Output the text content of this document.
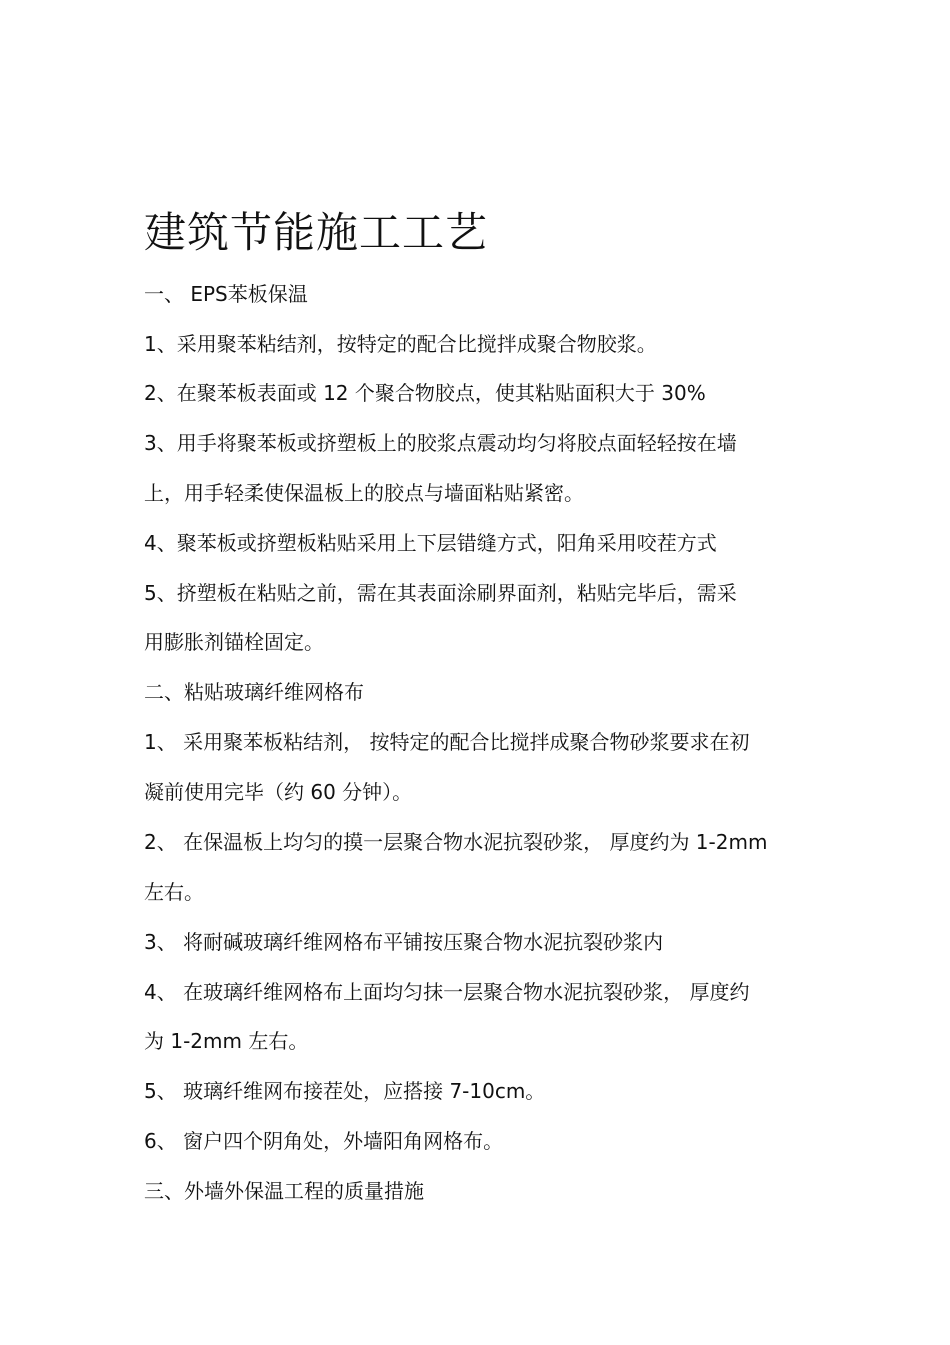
建筑节能施工工艺
一、 EPS苯板保温
1、采用聚苯粘结剂，按特定的配合比搅拌成聚合物胶浆。
2、在聚苯板表面或 12 个聚合物胶点，使其粘贴面积大于 30%
3、用手将聚苯板或挤塑板上的胶浆点震动均匀将胶点面轻轻按在墙
上，用手轻柔使保温板上的胶点与墙面粘贴紧密。
4、聚苯板或挤塑板粘贴采用上下层错缝方式，阳角采用咬茬方式
5、挤塑板在粘贴之前，需在其表面涂刷界面剂，粘贴完毕后，需采
用膨胀剂锚栓固定。
二、粘贴玻璃纤维网格布
1、 采用聚苯板粘结剂， 按特定的配合比搅拌成聚合物砂浆要求在初
凝前使用完毕（约 60 分钟）。
2、 在保温板上均匀的摸一层聚合物水泥抗裂砂浆， 厚度约为 1-2mm
左右。
3、 将耐碱玻璃纤维网格布平铺按压聚合物水泥抗裂砂浆内
4、 在玻璃纤维网格布上面均匀抹一层聚合物水泥抗裂砂浆， 厚度约
为 1-2mm 左右。
5、 玻璃纤维网布接茬处，应搭接 7-10cm。
6、 窗户四个阴角处，外墙阳角网格布。
三、外墙外保温工程的质量措施
